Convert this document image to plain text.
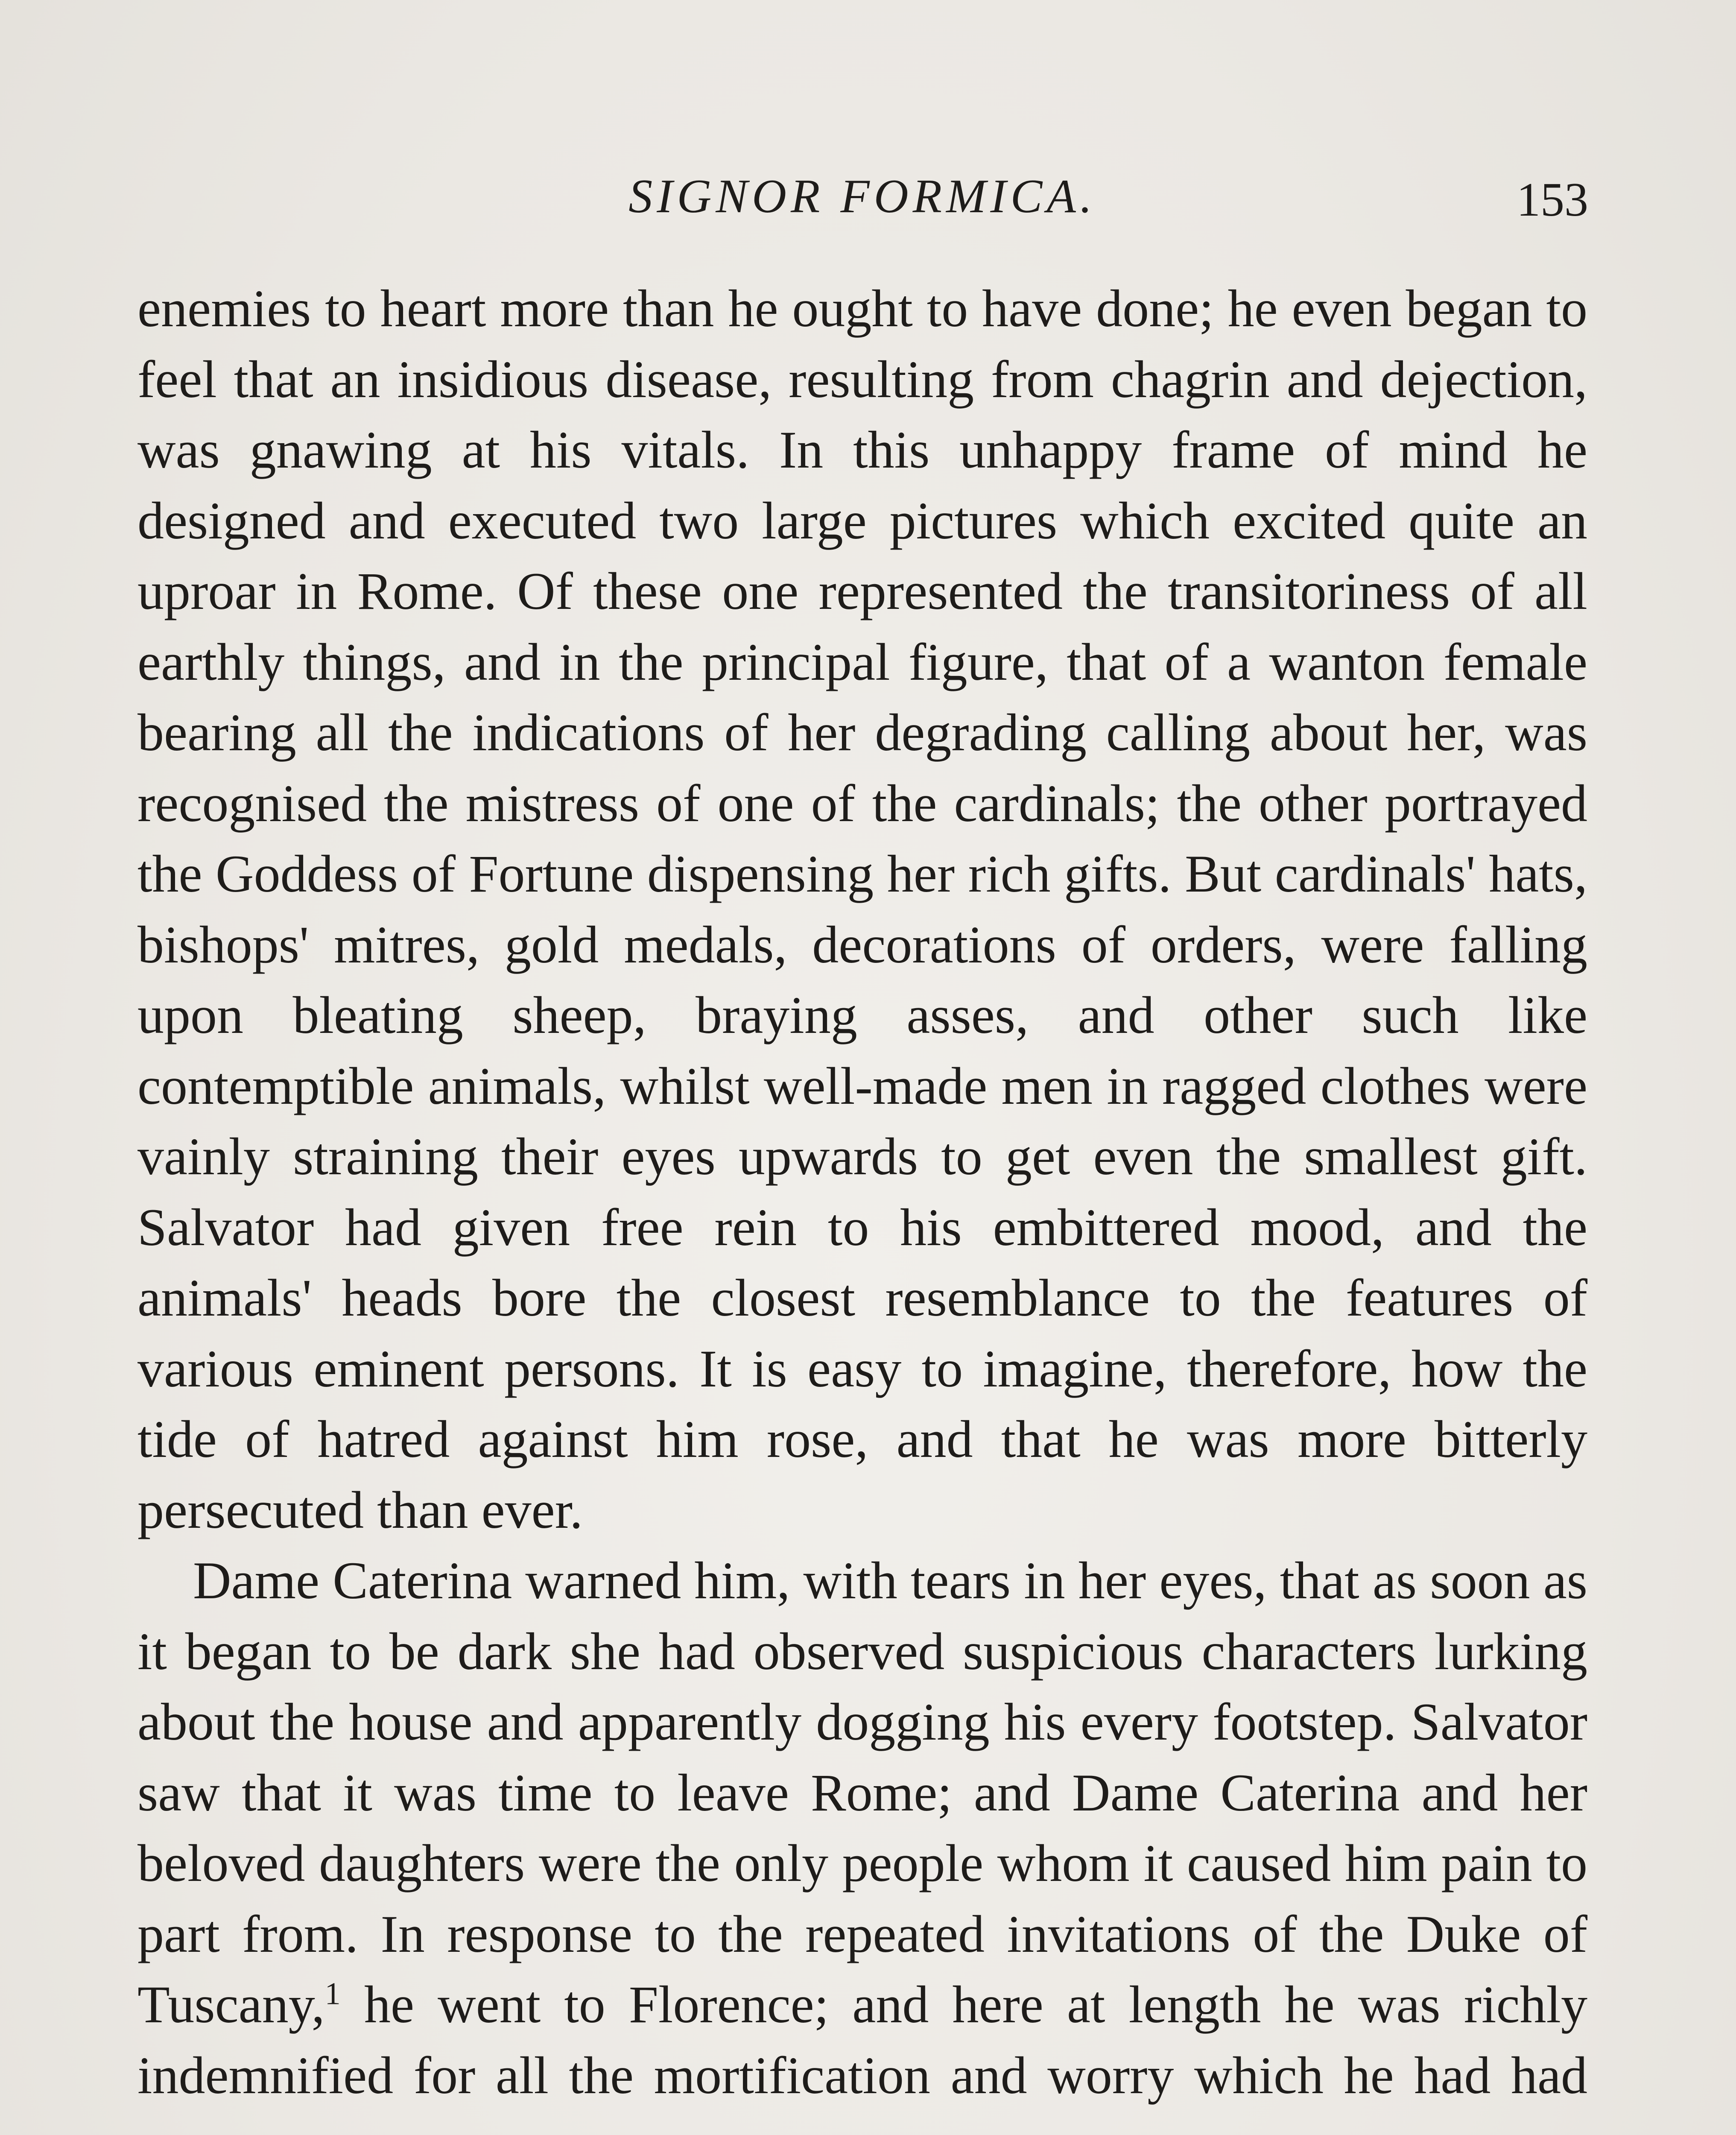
SIGNOR FORMICA.	153

enemies to heart more than he ought to have done; he even began to feel that an insidious disease, resulting from chagrin and dejection, was gnawing at his vitals. In this unhappy frame of mind he designed and executed two large pictures which excited quite an uproar in Rome. Of these one represented the transitoriness of all earthly things, and in the principal figure, that of a wanton female bearing all the indications of her degrading calling about her, was recognised the mistress of one of the cardinals; the other portrayed the Goddess of Fortune dispensing her rich gifts. But cardinals' hats, bishops' mitres, gold medals, decorations of orders, were falling upon bleating sheep, braying asses, and other such like contemptible animals, whilst well-made men in ragged clothes were vainly straining their eyes upwards to get even the smallest gift. Salvator had given free rein to his embittered mood, and the animals' heads bore the closest resemblance to the features of various eminent persons. It is easy to imagine, therefore, how the tide of hatred against him rose, and that he was more bitterly persecuted than ever.

Dame Caterina warned him, with tears in her eyes, that as soon as it began to be dark she had observed suspicious characters lurking about the house and apparently dogging his every footstep. Salvator saw that it was time to leave Rome; and Dame Caterina and her beloved daughters were the only people whom it caused him pain to part from. In response to the repeated invitations of the Duke of Tuscany,$^1$ he went to Florence; and here at length he was richly indemnified for all the mortification and worry which he had had
